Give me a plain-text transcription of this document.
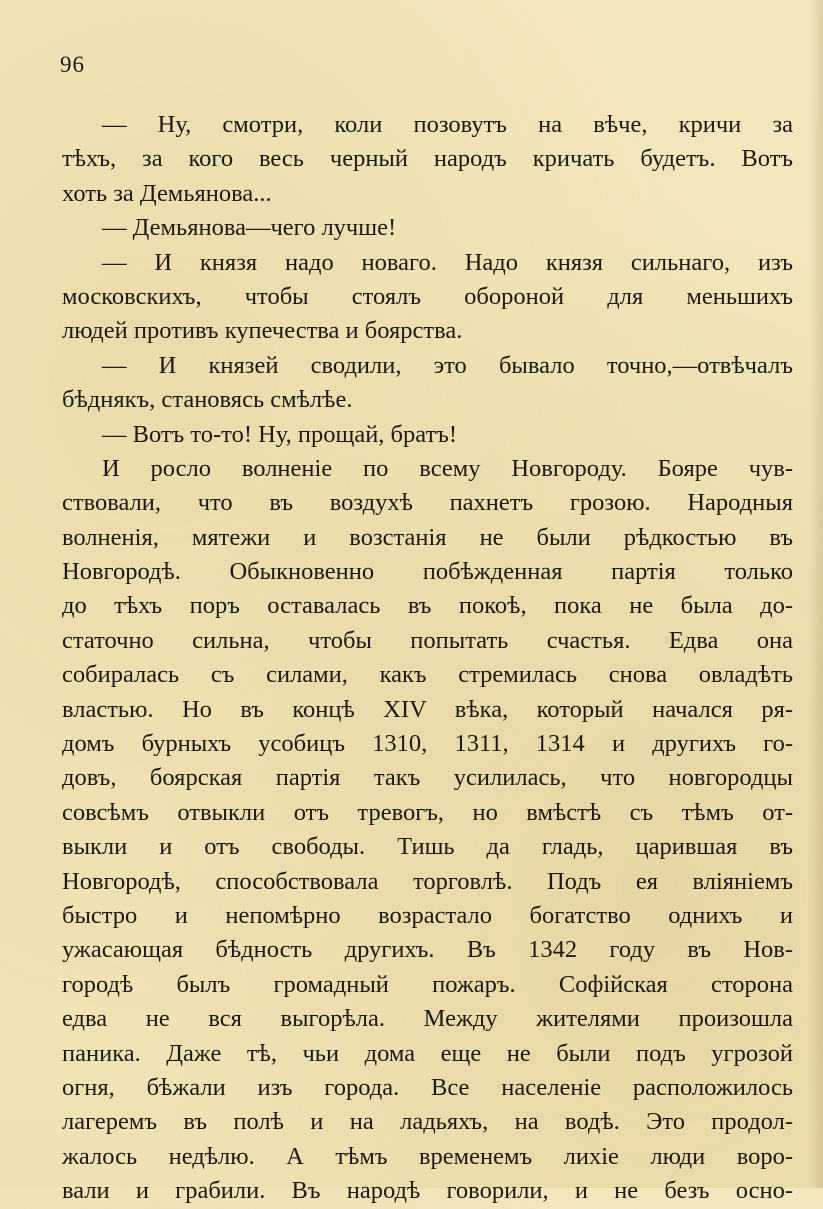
96

— Ну, смотри, коли позовутъ на вѣче, кричи за
тѣхъ, за кого весь черный народъ кричать будетъ. Вотъ
хоть за Демьянова...
— Демьянова—чего лучше!
— И князя надо новаго. Надо князя сильнаго, изъ
московскихъ, чтобы стоялъ обороной для меньшихъ
людей противъ купечества и боярства.
— И князей сводили, это бывало точно,—отвѣчалъ
бѣднякъ, становясь смѣлѣе.
— Вотъ то-то! Ну, прощай, братъ!
И росло волненіе по всему Новгороду. Бояре чув-
ствовали, что въ воздухѣ пахнетъ грозою. Народныя
волненія, мятежи и возстанія не были рѣдкостью въ
Новгородѣ. Обыкновенно побѣжденная партія только
до тѣхъ поръ оставалась въ покоѣ, пока не была до-
статочно сильна, чтобы попытать счастья. Едва она
собиралась съ силами, какъ стремилась снова овладѣть
властью. Но въ концѣ XIV вѣка, который начался ря-
домъ бурныхъ усобицъ 1310, 1311, 1314 и другихъ го-
довъ, боярская партія такъ усилилась, что новгородцы
совсѣмъ отвыкли отъ тревогъ, но вмѣстѣ съ тѣмъ от-
выкли и отъ свободы. Тишь да гладь, царившая въ
Новгородѣ, способствовала торговлѣ. Подъ ея вліяніемъ
быстро и непомѣрно возрастало богатство однихъ и
ужасающая бѣдность другихъ. Въ 1342 году въ Нов-
городѣ былъ громадный пожаръ. Софійская сторона
едва не вся выгорѣла. Между жителями произошла
паника. Даже тѣ, чьи дома еще не были подъ угрозой
огня, бѣжали изъ города. Все населеніе расположилось
лагеремъ въ полѣ и на ладьяхъ, на водѣ. Это продол-
жалось недѣлю. А тѣмъ временемъ лихіе люди воро-
вали и грабили. Въ народѣ говорили, и не безъ осно-
